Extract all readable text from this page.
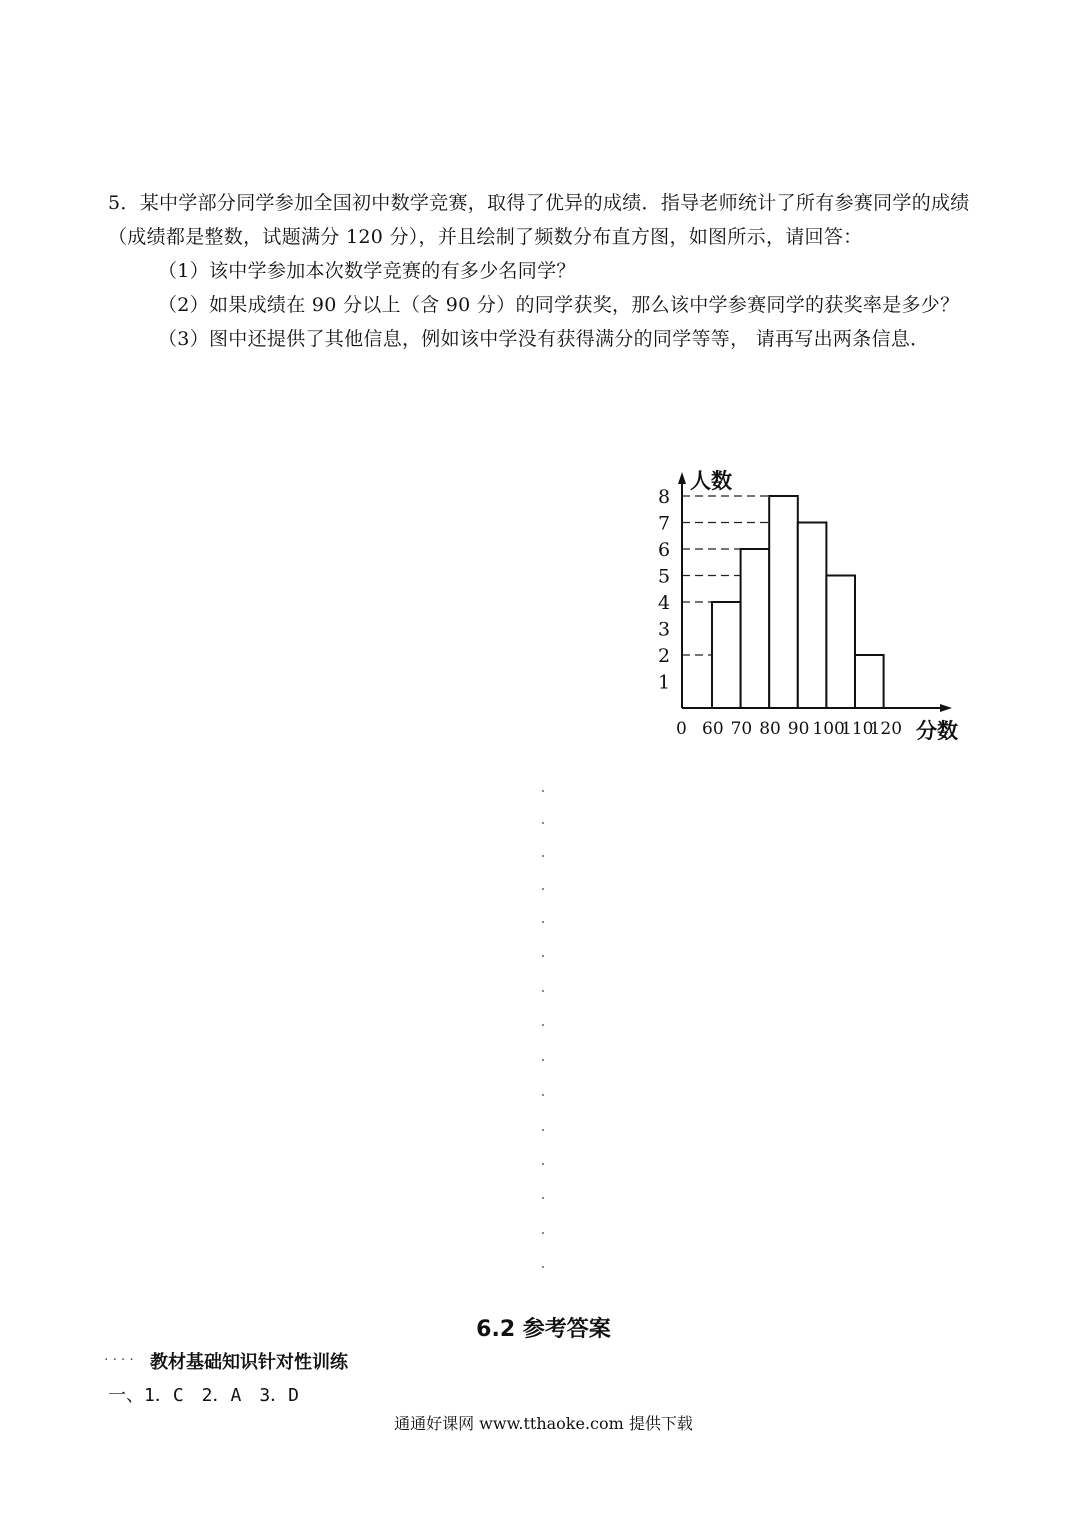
5．某中学部分同学参加全国初中数学竞赛，取得了优异的成绩．指导老师统计了所有参赛同学的成绩（成绩都是整数，试题满分 120 分），并且绘制了频数分布直方图，如图所示，请回答：

（1）该中学参加本次数学竞赛的有多少名同学？

（2）如果成绩在 90 分以上（含 90 分）的同学获奖，那么该中学参赛同学的获奖率是多少？

（3）图中还提供了其他信息，例如该中学没有获得满分的同学等等， 请再写出两条信息．

1
2
3
4
5
6
7
8
0 60 70 80 90 100
110
120
人数
分数
6.2 参考答案
.... 教材基础知识针对性训练
一、1．C　2．A　3．D
通通好课网 www.tthaoke.com 提供下载
